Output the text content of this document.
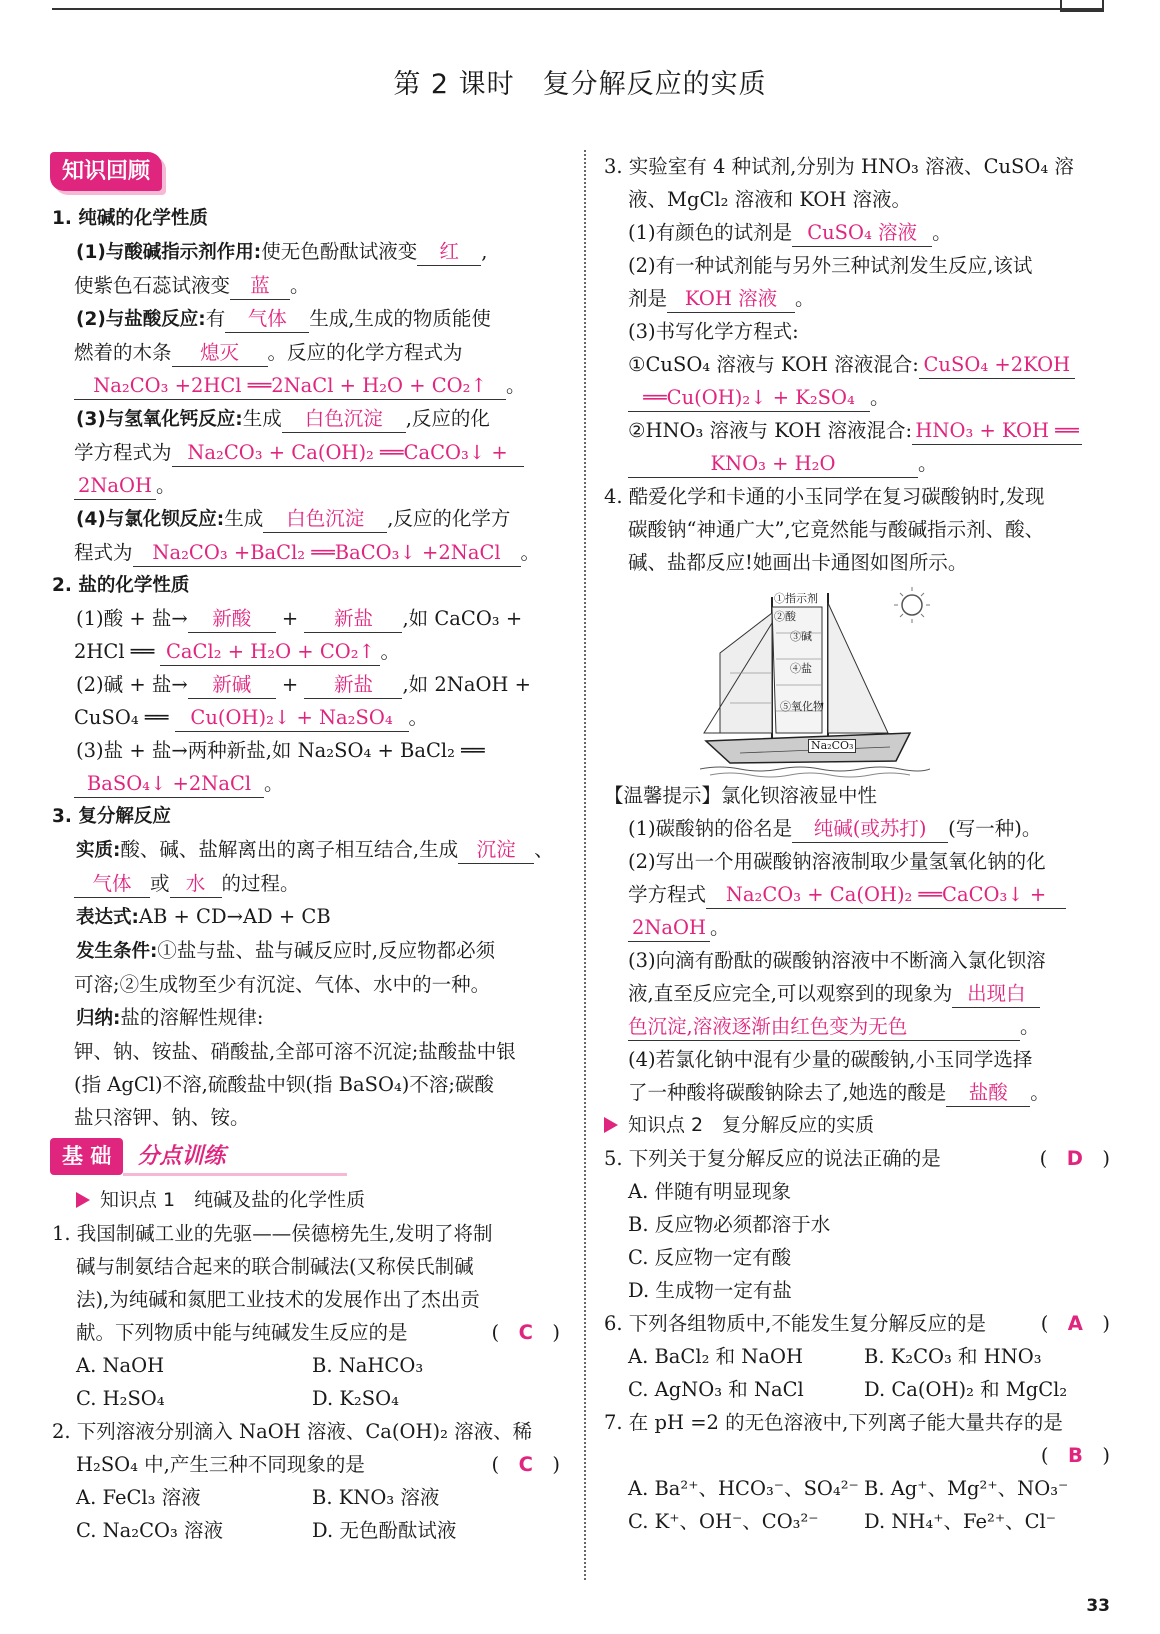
第 2 课时　复分解反应的实质
知识回顾
1. 纯碱的化学性质
(1)与酸碱指示剂作用:使无色酚酞试液变 红 ,
使紫色石蕊试液变 蓝 。
(2)与盐酸反应:有 气体 生成,生成的物质能使
燃着的木条 熄灭 。反应的化学方程式为
Na₂CO₃ +2HCl ══2NaCl + H₂O + CO₂↑ 。
(3)与氢氧化钙反应:生成 白色沉淀 ,反应的化
学方程式为 Na₂CO₃ + Ca(OH)₂ ══CaCO₃↓ +
2NaOH 。
(4)与氯化钡反应:生成 白色沉淀 ,反应的化学方
程式为 Na₂CO₃ +BaCl₂ ══BaCO₃↓ +2NaCl 。
2. 盐的化学性质
(1)酸 + 盐→ 新酸 + 新盐 ,如 CaCO₃ +
2HCl ══ CaCl₂ + H₂O + CO₂↑ 。
(2)碱 + 盐→ 新碱 + 新盐 ,如 2NaOH +
CuSO₄ ══ Cu(OH)₂↓ + Na₂SO₄ 。
(3)盐 + 盐→两种新盐,如 Na₂SO₄ + BaCl₂ ══
BaSO₄↓ +2NaCl 。
3. 复分解反应
实质:酸、碱、盐解离出的离子相互结合,生成 沉淀 、
气体 或 水 的过程。
表达式:AB + CD→AD + CB
发生条件:①盐与盐、盐与碱反应时,反应物都必须
可溶;②生成物至少有沉淀、气体、水中的一种。
归纳:盐的溶解性规律:
钾、钠、铵盐、硝酸盐,全部可溶不沉淀;盐酸盐中银
(指 AgCl)不溶,硫酸盐中钡(指 BaSO₄)不溶;碳酸
盐只溶钾、钠、铵。
基 础 分点训练
知识点 1　纯碱及盐的化学性质
1. 我国制碱工业的先驱——侯德榜先生,发明了将制
碱与制氨结合起来的联合制碱法(又称侯氏制碱
法),为纯碱和氮肥工业技术的发展作出了杰出贡
献。下列物质中能与纯碱发生反应的是	(　C　)
A. NaOH	B. NaHCO₃
C. H₂SO₄	D. K₂SO₄
2. 下列溶液分别滴入 NaOH 溶液、Ca(OH)₂ 溶液、稀
H₂SO₄ 中,产生三种不同现象的是	(　C　)
A. FeCl₃ 溶液	B. KNO₃ 溶液
C. Na₂CO₃ 溶液	D. 无色酚酞试液
3. 实验室有 4 种试剂,分别为 HNO₃ 溶液、CuSO₄ 溶
液、MgCl₂ 溶液和 KOH 溶液。
(1)有颜色的试剂是 CuSO₄ 溶液 。
(2)有一种试剂能与另外三种试剂发生反应,该试
剂是 KOH 溶液 。
(3)书写化学方程式:
①CuSO₄ 溶液与 KOH 溶液混合: CuSO₄ +2KOH
══Cu(OH)₂↓ + K₂SO₄ 。
②HNO₃ 溶液与 KOH 溶液混合: HNO₃ + KOH ══
KNO₃ + H₂O	。
4. 酷爱化学和卡通的小玉同学在复习碳酸钠时,发现
碳酸钠“神通广大”,它竟然能与酸碱指示剂、酸、
碱、盐都反应!她画出卡通图如图所示。
①指示剂
②酸
③碱
④盐
⑤氧化物
Na₂CO₃
【温馨提示】氯化钡溶液显中性
(1)碳酸钠的俗名是 纯碱(或苏打) (写一种)。
(2)写出一个用碳酸钠溶液制取少量氢氧化钠的化
学方程式 Na₂CO₃ + Ca(OH)₂ ══CaCO₃↓ +
2NaOH 。
(3)向滴有酚酞的碳酸钠溶液中不断滴入氯化钡溶
液,直至反应完全,可以观察到的现象为 出现白
色沉淀,溶液逐渐由红色变为无色	。
(4)若氯化钠中混有少量的碳酸钠,小玉同学选择
了一种酸将碳酸钠除去了,她选的酸是 盐酸 。
知识点 2　复分解反应的实质
5. 下列关于复分解反应的说法正确的是	(　D　)
A. 伴随有明显现象
B. 反应物必须都溶于水
C. 反应物一定有酸
D. 生成物一定有盐
6. 下列各组物质中,不能发生复分解反应的是	(　A　)
A. BaCl₂ 和 NaOH	B. K₂CO₃ 和 HNO₃
C. AgNO₃ 和 NaCl	D. Ca(OH)₂ 和 MgCl₂
7. 在 pH =2 的无色溶液中,下列离子能大量共存的是
(　B　)
A. Ba²⁺、HCO₃⁻、SO₄²⁻ B. Ag⁺、Mg²⁺、NO₃⁻
C. K⁺、OH⁻、CO₃²⁻	D. NH₄⁺、Fe²⁺、Cl⁻
33
